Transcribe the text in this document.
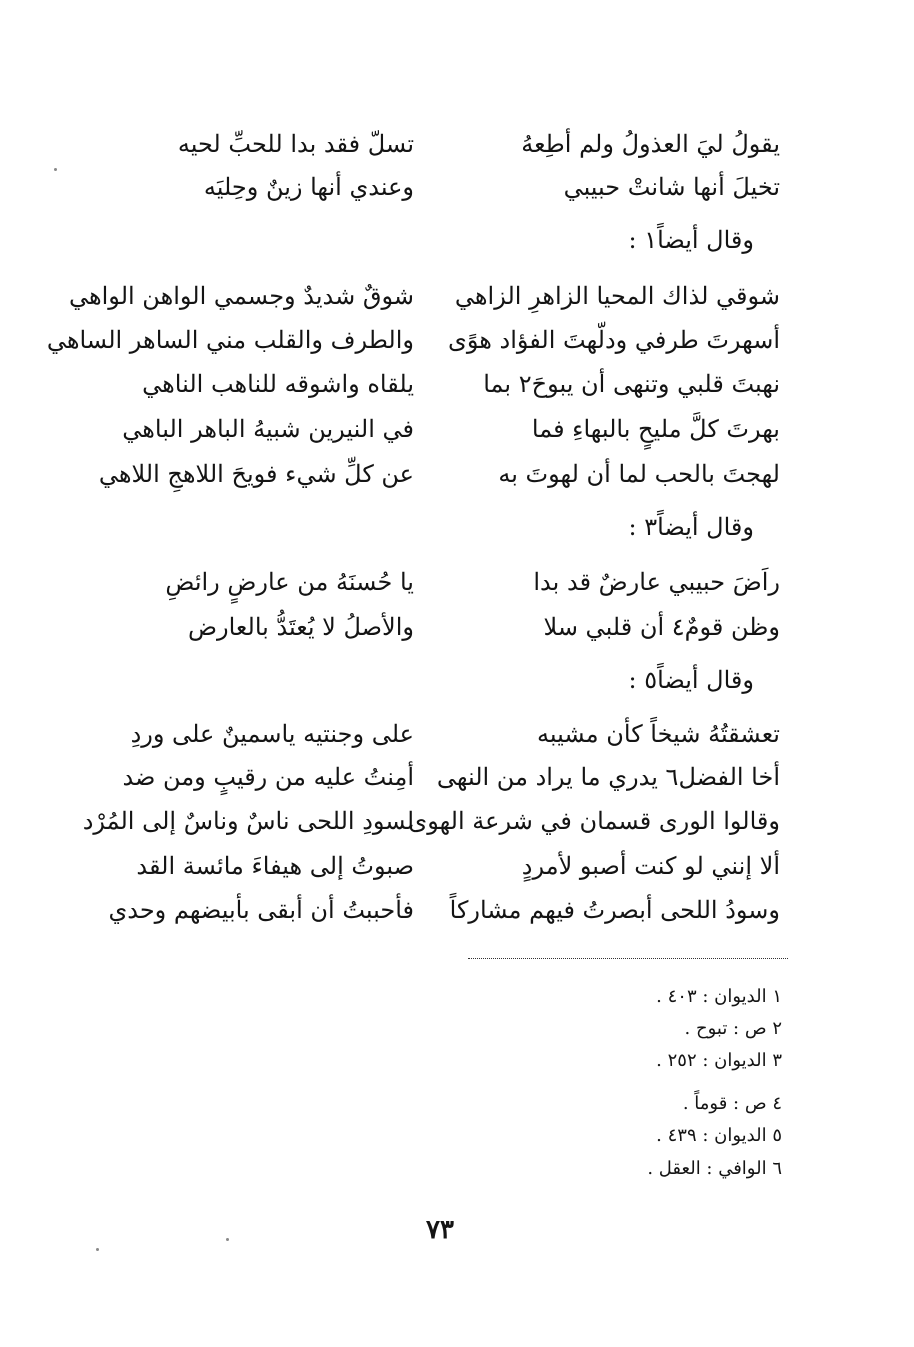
يقولُ ليَ العذولُ ولم أطِعهُ
تسلّ فقد بدا للحبِّ لحيه
تخيلَ أنها شانتْ حبيبي
وعندي أنها زينٌ وحِليَه
وقال أيضاً١ :
شوقي لذاك المحيا الزاهرِ الزاهي
شوقٌ شديدٌ وجسمي الواهن الواهي
أسهرتَ طرفي ودلّهتَ الفؤاد هوًى
والطرف والقلب مني الساهر الساهي
نهبتَ قلبي وتنهى أن يبوحَ٢ بما
يلقاه واشوقه للناهب الناهي
بهرتَ كلَّ مليحٍ بالبهاءِ فما
في النيرين شبيهُ الباهر الباهي
لهجتَ بالحب لما أن لهوتَ به
عن كلِّ شيء فويحَ اللاهجِ اللاهي
وقال أيضاً٣ :
راَضَ حبيبي عارضٌ قد بدا
يا حُسنَهُ من عارضٍ رائضِ
وظن قومٌ٤ أن قلبي سلا
والأصلُ لا يُعتَدُّ بالعارض
وقال أيضاً٥ :
تعشقتُهُ شيخاً كأن مشيبه
على وجنتيه ياسمينٌ على وردِ
أخا الفضل٦ يدري ما يراد من النهى
أمِنتُ عليه من رقيبٍ ومن ضد
وقالوا الورى قسمان في شرعة الهوى
لسودِ اللحى ناسٌ وناسٌ إلى المُرْد
ألا إنني لو كنت أصبو لأمردٍ
صبوتُ إلى هيفاءَ مائسة القد
وسودُ اللحى أبصرتُ فيهم مشاركاً
فأحببتُ أن أبقى بأبيضهم وحدي
١ الديوان : ٤٠٣ .
٢ ص : تبوح .
٣ الديوان : ٢٥٢ .
٤ ص : قوماً .
٥ الديوان : ٤٣٩ .
٦ الوافي : العقل .
٧٣
